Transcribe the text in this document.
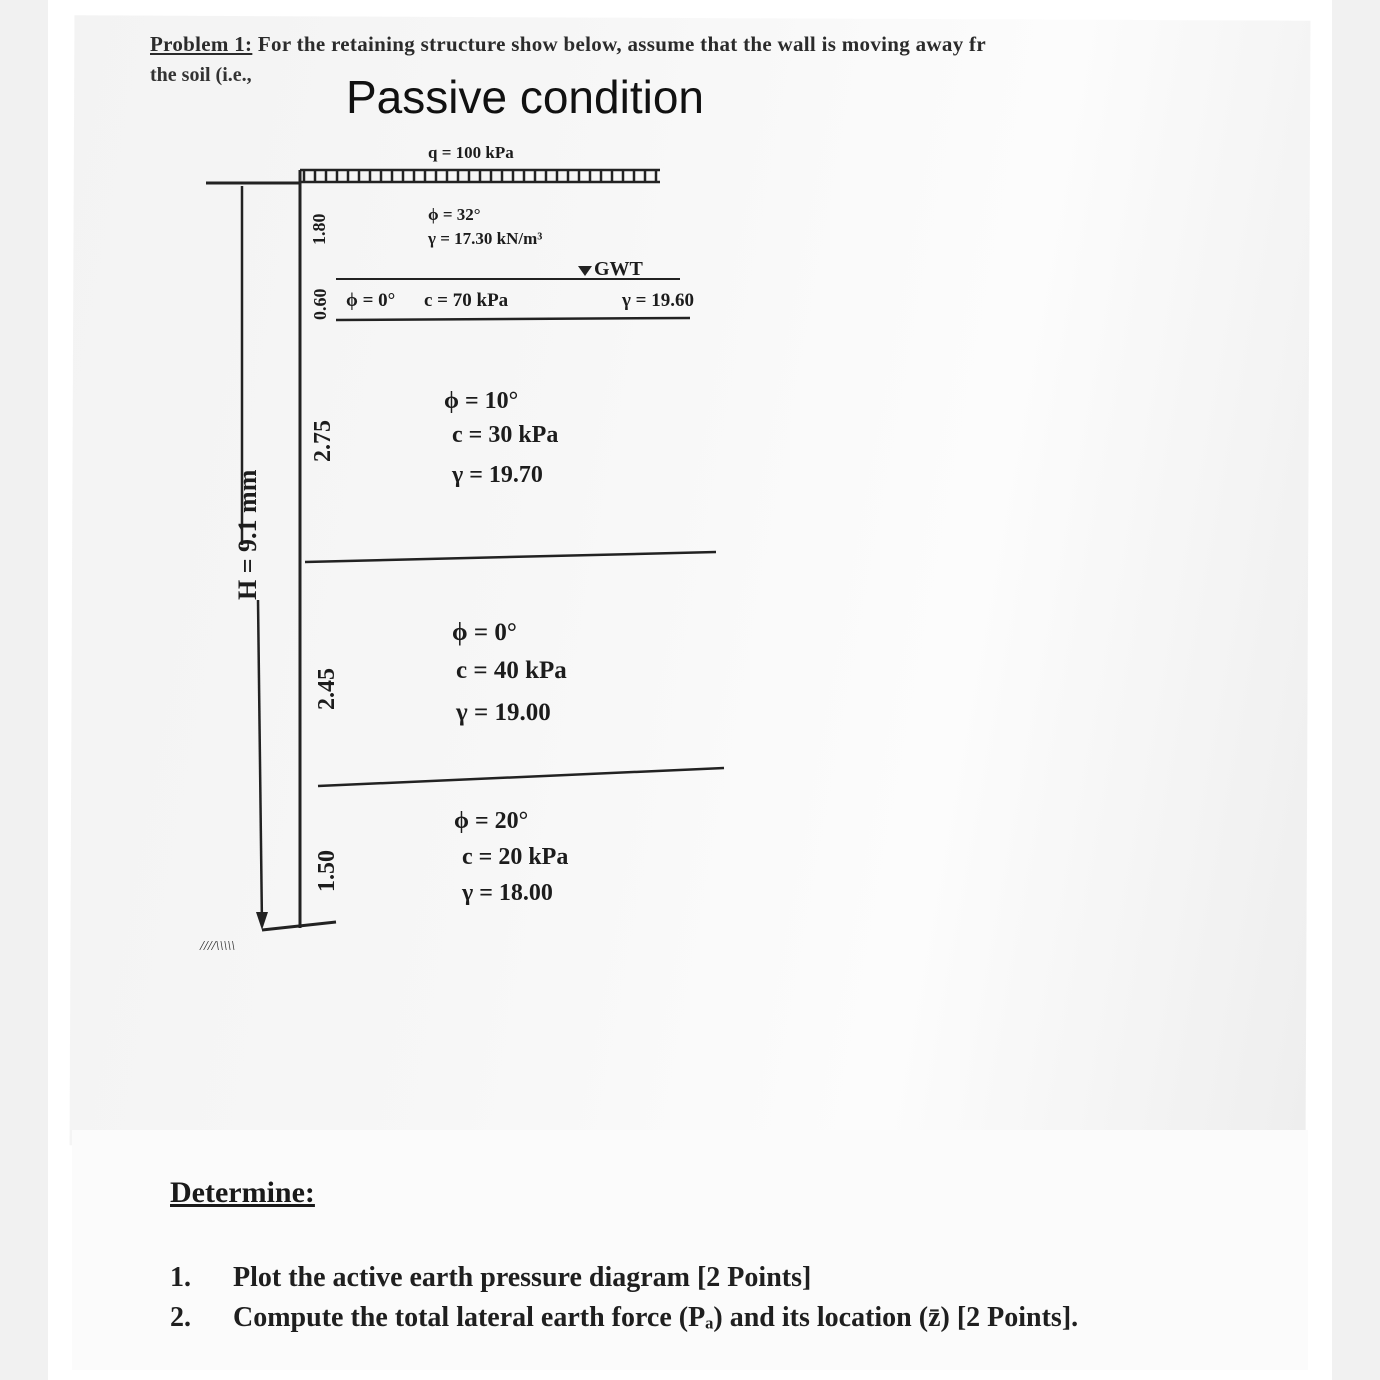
Problem 1: For the retaining structure show below, assume that the wall is moving away fr
the soil (i.e., Passive condition
q = 100 kPa
////\\\\\
H = 9.1 mm
GWT
1.80
0.60
2.75
2.45
1.50
ϕ = 32°
γ = 17.30 kN/m³
ϕ = 0° c = 70 kPa	γ = 19.60
ϕ = 10°
c = 30 kPa
γ = 19.70
ϕ = 0°
c = 40 kPa
γ = 19.00
ϕ = 20°
c = 20 kPa
γ = 18.00
Determine:
1. Plot the active earth pressure diagram [2 Points]
2. Compute the total lateral earth force (Pₐ) and its location (z̄) [2 Points].
